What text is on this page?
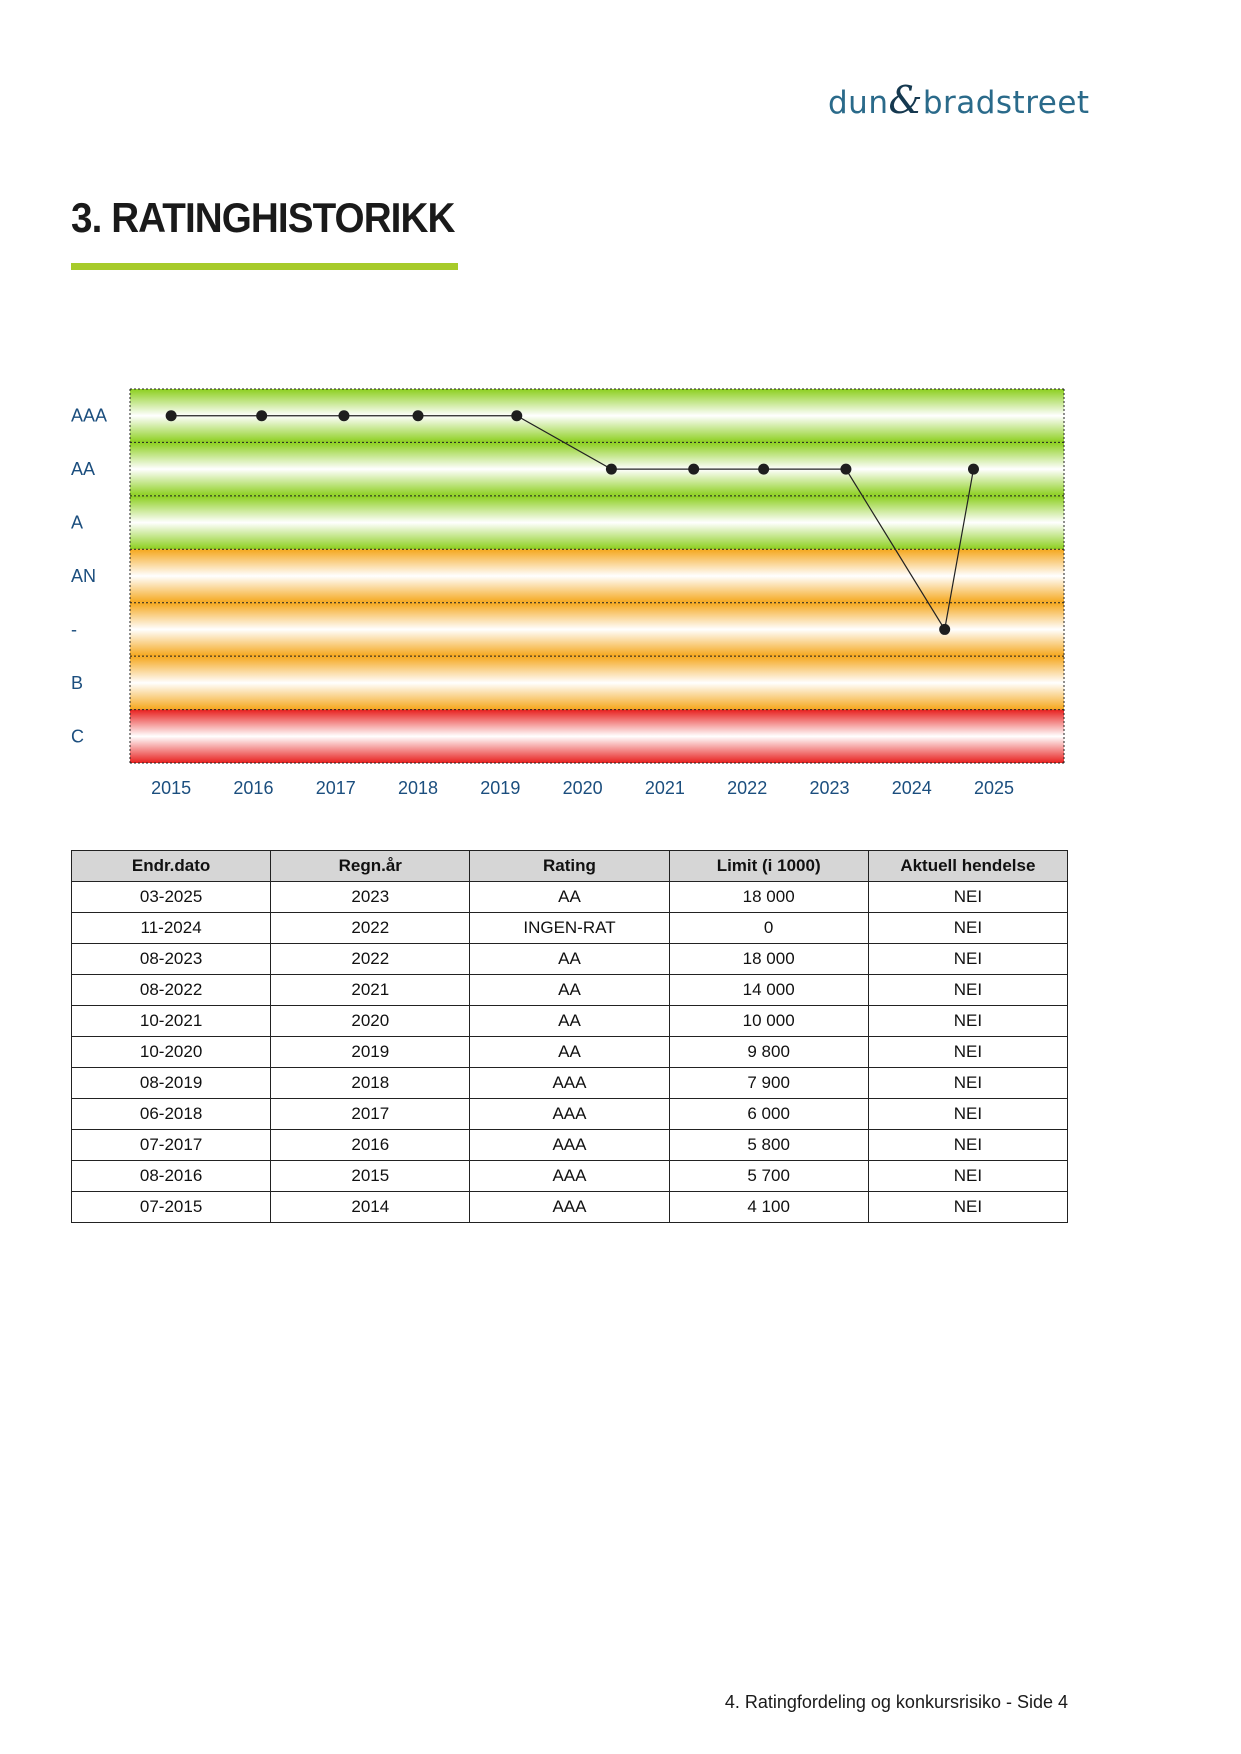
dun&bradstreet
3. RATINGHISTORIKK
AAA
AA
A
AN
-
B
C
2015 2016 2017 2018 2019 2020 2021 2022 2023 2024 2025
Endr.dato	Regn.år	Rating	Limit (i 1000)	Aktuell hendelse
03-2025	2023	AA	18 000	NEI
11-2024	2022	INGEN-RAT	0	NEI
08-2023	2022	AA	18 000	NEI
08-2022	2021	AA	14 000	NEI
10-2021	2020	AA	10 000	NEI
10-2020	2019	AA	9 800	NEI
08-2019	2018	AAA	7 900	NEI
06-2018	2017	AAA	6 000	NEI
07-2017	2016	AAA	5 800	NEI
08-2016	2015	AAA	5 700	NEI
07-2015	2014	AAA	4 100	NEI
4. Ratingfordeling og konkursrisiko - Side 4
